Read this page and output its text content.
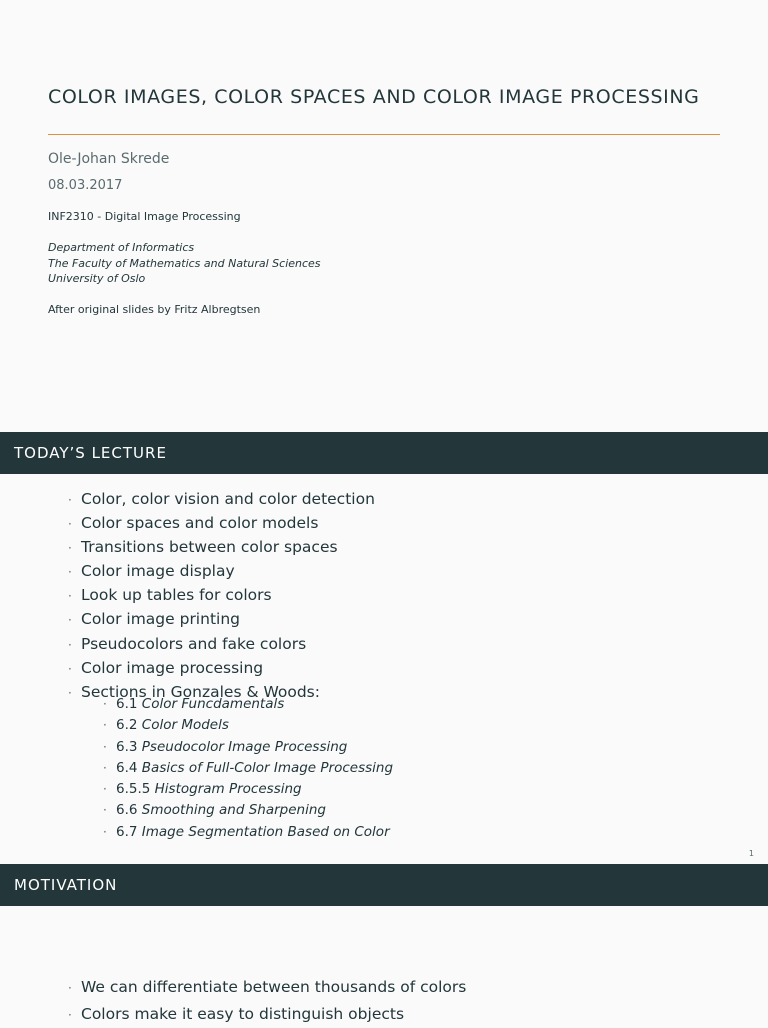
COLOR IMAGES, COLOR SPACES AND COLOR IMAGE PROCESSING
Ole-Johan Skrede
08.03.2017
INF2310 - Digital Image Processing
Department of Informatics
The Faculty of Mathematics and Natural Sciences
University of Oslo
After original slides by Fritz Albregtsen
TODAY’S LECTURE
· Color, color vision and color detection
· Color spaces and color models
· Transitions between color spaces
· Color image display
· Look up tables for colors
· Color image printing
· Pseudocolors and fake colors
· Color image processing
· Sections in Gonzales & Woods:
· 6.1 Color Funcdamentals
· 6.2 Color Models
· 6.3 Pseudocolor Image Processing
· 6.4 Basics of Full-Color Image Processing
· 6.5.5 Histogram Processing
· 6.6 Smoothing and Sharpening
· 6.7 Image Segmentation Based on Color
1
MOTIVATION
· We can differentiate between thousands of colors
· Colors make it easy to distinguish objects
